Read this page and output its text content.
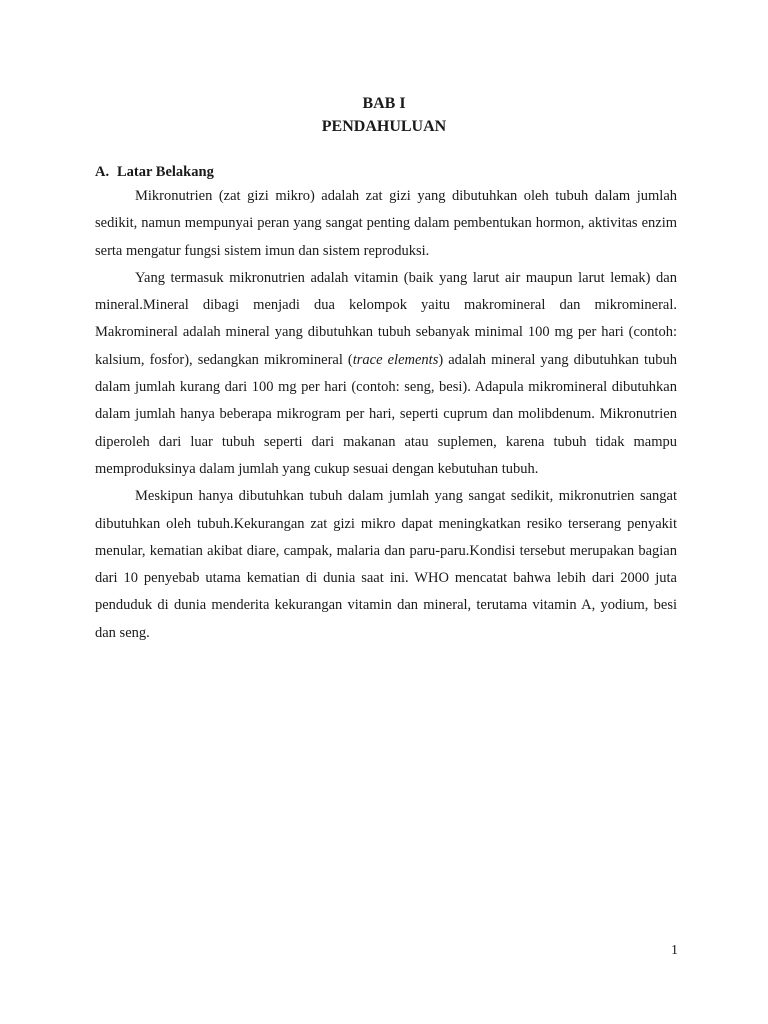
BAB I
PENDAHULUAN
A. Latar Belakang

Mikronutrien (zat gizi mikro) adalah zat gizi yang dibutuhkan oleh tubuh dalam jumlah sedikit, namun mempunyai peran yang sangat penting dalam pembentukan hormon, aktivitas enzim serta mengatur fungsi sistem imun dan sistem reproduksi.

Yang termasuk mikronutrien adalah vitamin (baik yang larut air maupun larut lemak) dan mineral.Mineral dibagi menjadi dua kelompok yaitu makromineral dan mikromineral. Makromineral adalah mineral yang dibutuhkan tubuh sebanyak minimal 100 mg per hari (contoh: kalsium, fosfor), sedangkan mikromineral (trace elements) adalah mineral yang dibutuhkan tubuh dalam jumlah kurang dari 100 mg per hari (contoh: seng, besi). Adapula mikromineral dibutuhkan dalam jumlah hanya beberapa mikrogram per hari, seperti cuprum dan molibdenum. Mikronutrien diperoleh dari luar tubuh seperti dari makanan atau suplemen, karena tubuh tidak mampu memproduksinya dalam jumlah yang cukup sesuai dengan kebutuhan tubuh.

Meskipun hanya dibutuhkan tubuh dalam jumlah yang sangat sedikit, mikronutrien sangat dibutuhkan oleh tubuh.Kekurangan zat gizi mikro dapat meningkatkan resiko terserang penyakit menular, kematian akibat diare, campak, malaria dan paru-paru.Kondisi tersebut merupakan bagian dari 10 penyebab utama kematian di dunia saat ini. WHO mencatat bahwa lebih dari 2000 juta penduduk di dunia menderita kekurangan vitamin dan mineral, terutama vitamin A, yodium, besi dan seng.

1
